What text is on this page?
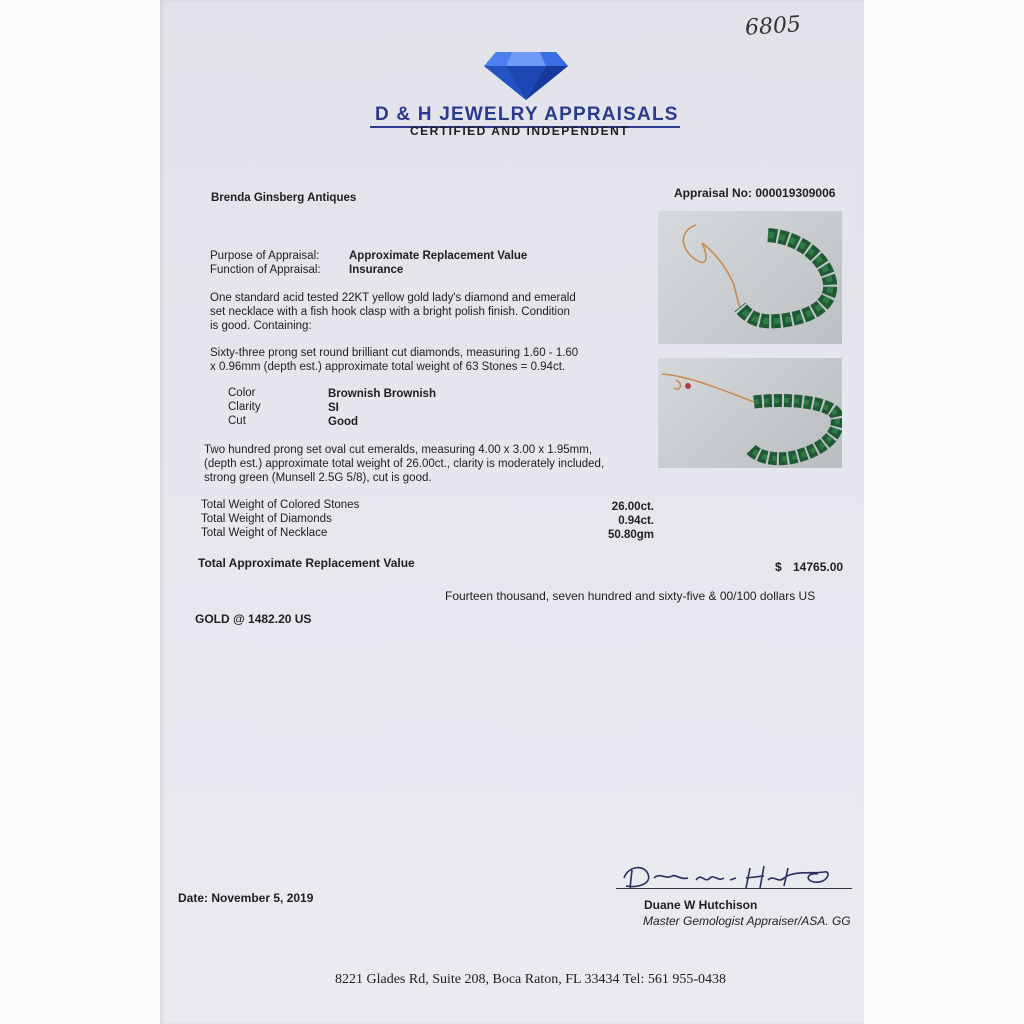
6805
D & H JEWELRY APPRAISALS
CERTIFIED AND INDEPENDENT
Brenda Ginsberg Antiques	Appraisal No: 000019309006
Purpose of Appraisal:	Approximate Replacement Value
Function of Appraisal: Insurance
One standard acid tested 22KT yellow gold lady's diamond and emerald
set necklace with a fish hook clasp with a bright polish finish. Condition
is good. Containing:
Sixty-three prong set round brilliant cut diamonds, measuring 1.60 - 1.60
x 0.96mm (depth est.) approximate total weight of 63 Stones = 0.94ct.
Color	Brownish Brownish
Clarity	SI
Cut	Good
Two hundred prong set oval cut emeralds, measuring 4.00 x 3.00 x 1.95mm,
(depth est.) approximate total weight of 26.00ct., clarity is moderately included,
strong green (Munsell 2.5G 5/8), cut is good.
Total Weight of Colored Stones	26.00ct.
Total Weight of Diamonds	0.94ct.
Total Weight of Necklace	50.80gm
Total Approximate Replacement Value	$ 14765.00
Fourteen thousand, seven hundred and sixty-five & 00/100 dollars US
GOLD @ 1482.20 US
Date: November 5, 2019	Duane W Hutchison
Master Gemologist Appraiser/ASA. GG
8221 Glades Rd, Suite 208, Boca Raton, FL 33434 Tel: 561 955-0438
